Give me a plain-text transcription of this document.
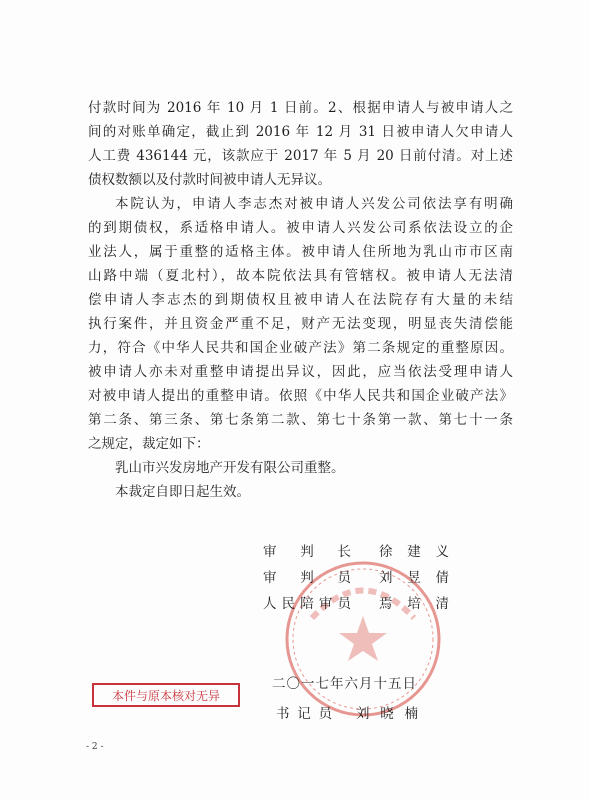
付款时间为 2016 年 10 月 1 日前。2、根据申请人与被申请人之
间的对账单确定，截止到 2016 年 12 月 31 日被申请人欠申请人
人工费 436144 元，该款应于 2017 年 5 月 20 日前付清。对上述
债权数额以及付款时间被申请人无异议。
本院认为，申请人李志杰对被申请人兴发公司依法享有明确
的到期债权，系适格申请人。被申请人兴发公司系依法设立的企
业法人，属于重整的适格主体。被申请人住所地为乳山市市区南
山路中端（夏北村），故本院依法具有管辖权。被申请人无法清
偿申请人李志杰的到期债权且被申请人在法院存有大量的未结
执行案件，并且资金严重不足，财产无法变现，明显丧失清偿能
力，符合《中华人民共和国企业破产法》第二条规定的重整原因。
被申请人亦未对重整申请提出异议，因此，应当依法受理申请人
对被申请人提出的重整申请。依照《中华人民共和国企业破产法》
第二条、第三条、第七条第二款、第七十条第一款、第七十一条
之规定，裁定如下：
乳山市兴发房地产开发有限公司重整。
本裁定自即日起生效。
审判长 徐建义
审判员 刘昱倩
人民陪审员 焉培清
本件与原本核对无异
二〇一七年六月十五日
书记员 刘晓楠
- 2 -
